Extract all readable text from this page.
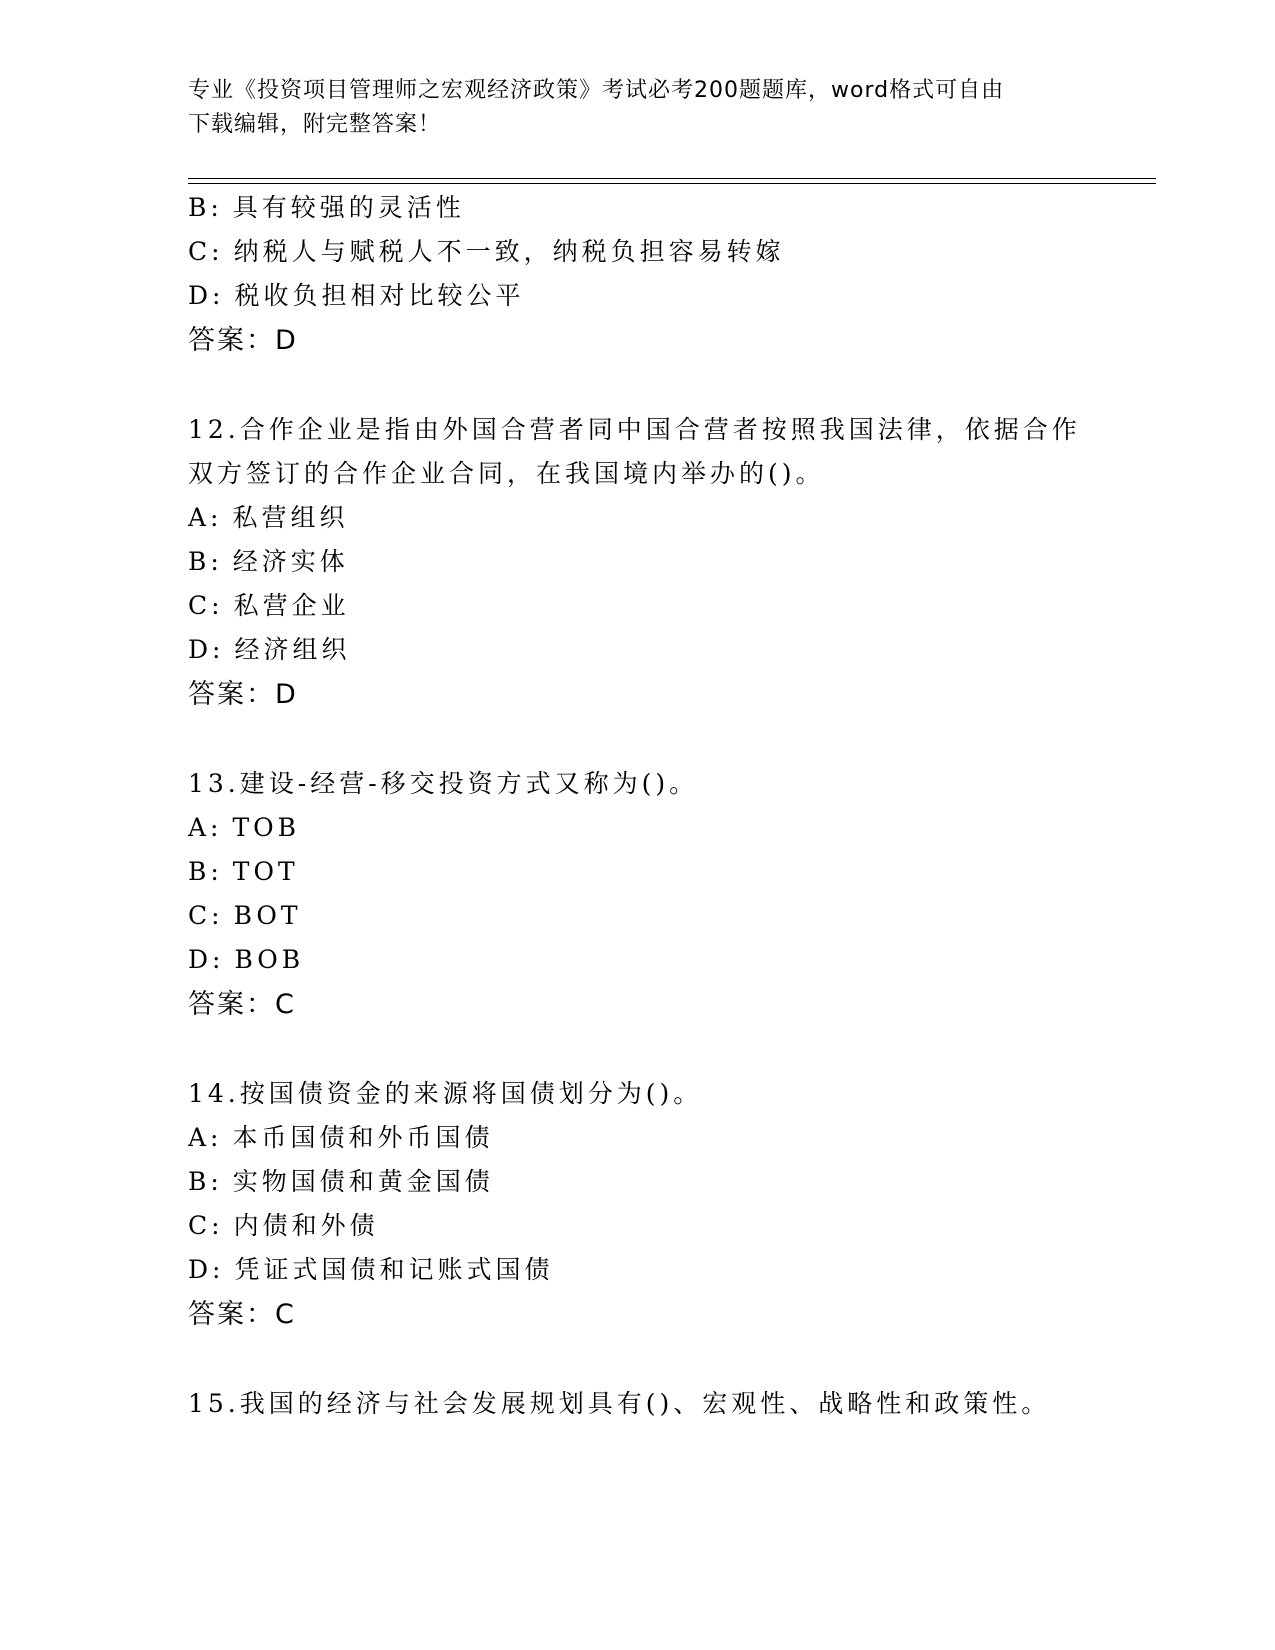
专业《投资项目管理师之宏观经济政策》考试必考200题题库，word格式可自由
下载编辑，附完整答案！
B: 具有较强的灵活性
C: 纳税人与赋税人不一致，纳税负担容易转嫁
D: 税收负担相对比较公平
答案：D
12.合作企业是指由外国合营者同中国合营者按照我国法律，依据合作
双方签订的合作企业合同，在我国境内举办的()。
A: 私营组织
B: 经济实体
C: 私营企业
D: 经济组织
答案：D
13.建设-经营-移交投资方式又称为()。
A: TOB
B: TOT
C: BOT
D: BOB
答案：C
14.按国债资金的来源将国债划分为()。
A: 本币国债和外币国债
B: 实物国债和黄金国债
C: 内债和外债
D: 凭证式国债和记账式国债
答案：C
15.我国的经济与社会发展规划具有()、宏观性、战略性和政策性。
